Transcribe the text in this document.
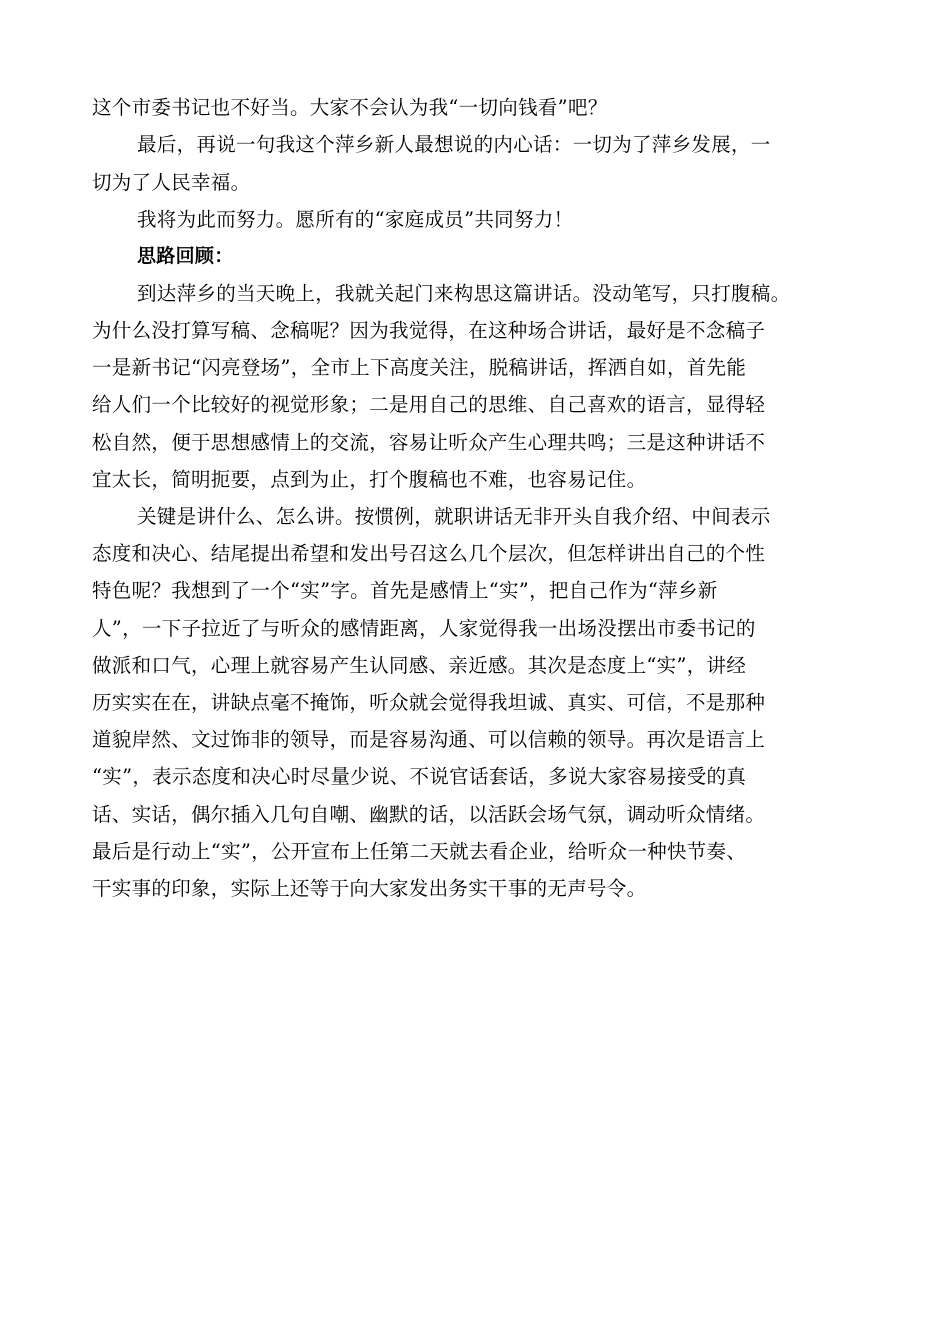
这个市委书记也不好当。大家不会认为我“一切向钱看”吧？
最后，再说一句我这个萍乡新人最想说的内心话：一切为了萍乡发展，一
切为了人民幸福。
我将为此而努力。愿所有的“家庭成员”共同努力！
思路回顾：
到达萍乡的当天晚上，我就关起门来构思这篇讲话。没动笔写，只打腹稿。
为什么没打算写稿、念稿呢？因为我觉得，在这种场合讲话，最好是不念稿子
一是新书记“闪亮登场”，全市上下高度关注，脱稿讲话，挥洒自如，首先能
给人们一个比较好的视觉形象；二是用自己的思维、自己喜欢的语言，显得轻
松自然，便于思想感情上的交流，容易让听众产生心理共鸣；三是这种讲话不
宜太长，简明扼要，点到为止，打个腹稿也不难，也容易记住。
关键是讲什么、怎么讲。按惯例，就职讲话无非开头自我介绍、中间表示
态度和决心、结尾提出希望和发出号召这么几个层次，但怎样讲出自己的个性
特色呢？我想到了一个“实”字。首先是感情上“实”，把自己作为“萍乡新
人”，一下子拉近了与听众的感情距离，人家觉得我一出场没摆出市委书记的
做派和口气，心理上就容易产生认同感、亲近感。其次是态度上“实”，讲经
历实实在在，讲缺点毫不掩饰，听众就会觉得我坦诚、真实、可信，不是那种
道貌岸然、文过饰非的领导，而是容易沟通、可以信赖的领导。再次是语言上
“实”，表示态度和决心时尽量少说、不说官话套话，多说大家容易接受的真
话、实话，偶尔插入几句自嘲、幽默的话，以活跃会场气氛，调动听众情绪。
最后是行动上“实”，公开宣布上任第二天就去看企业，给听众一种快节奏、
干实事的印象，实际上还等于向大家发出务实干事的无声号令。
